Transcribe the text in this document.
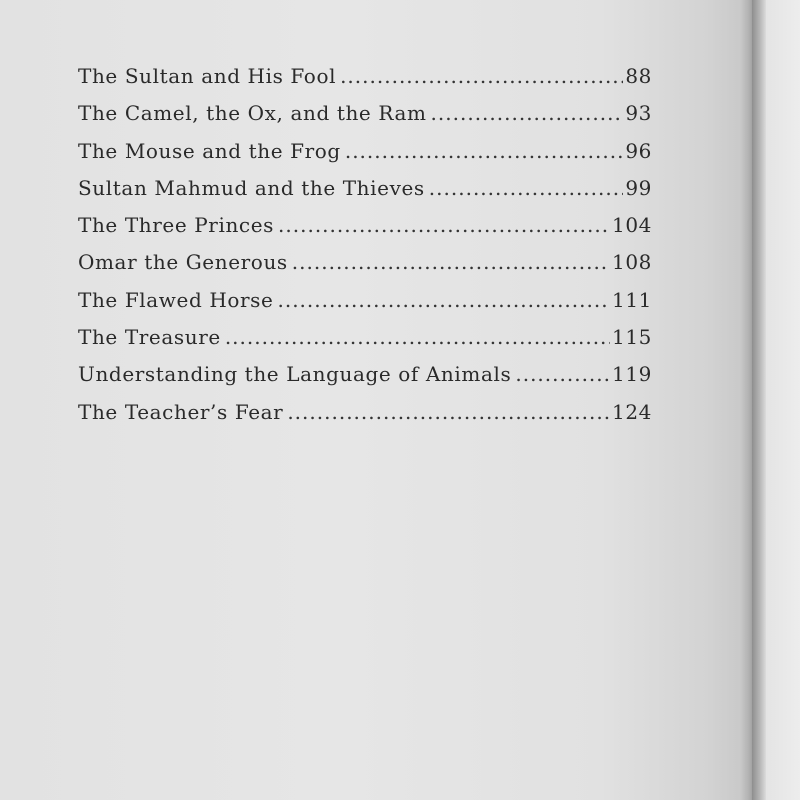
The Sultan and His Fool .....	88
The Camel, the Ox, and the Ram .....	93
The Mouse and the Frog .....	96
Sultan Mahmud and the Thieves .....	99
The Three Princes .....	104
Omar the Generous .....	108
The Flawed Horse .....	111
The Treasure .....	115
Understanding the Language of Animals .....	119
The Teacher’s Fear .....	124
